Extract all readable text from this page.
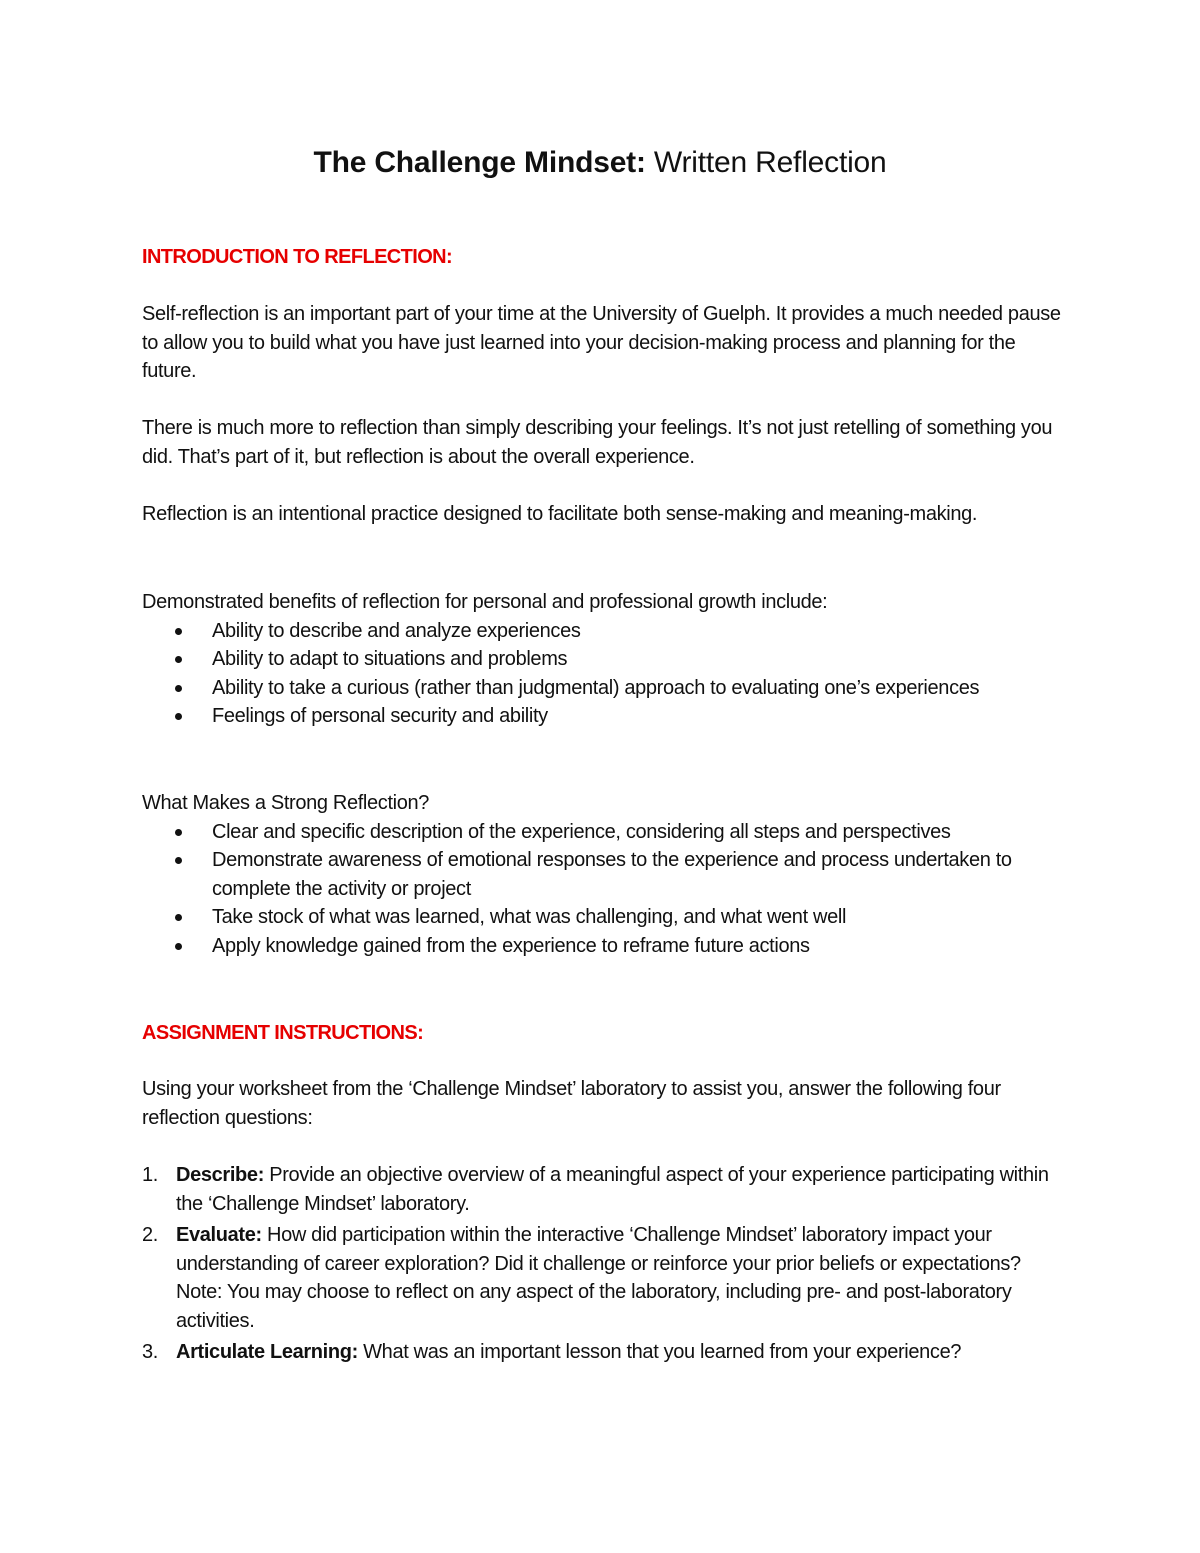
The Challenge Mindset: Written Reflection

INTRODUCTION TO REFLECTION:

Self-reflection is an important part of your time at the University of Guelph. It provides a much needed pause to allow you to build what you have just learned into your decision-making process and planning for the future.

There is much more to reflection than simply describing your feelings. It’s not just retelling of something you did. That’s part of it, but reflection is about the overall experience.

Reflection is an intentional practice designed to facilitate both sense-making and meaning-making.

Demonstrated benefits of reflection for personal and professional growth include:

Ability to describe and analyze experiences
Ability to adapt to situations and problems
Ability to take a curious (rather than judgmental) approach to evaluating one’s experiences
Feelings of personal security and ability

What Makes a Strong Reflection?

Clear and specific description of the experience, considering all steps and perspectives
Demonstrate awareness of emotional responses to the experience and process undertaken to complete the activity or project
Take stock of what was learned, what was challenging, and what went well
Apply knowledge gained from the experience to reframe future actions

ASSIGNMENT INSTRUCTIONS:

Using your worksheet from the ‘Challenge Mindset’ laboratory to assist you, answer the following four reflection questions:

1. Describe: Provide an objective overview of a meaningful aspect of your experience participating within the ‘Challenge Mindset’ laboratory.
2. Evaluate: How did participation within the interactive ‘Challenge Mindset’ laboratory impact your understanding of career exploration? Did it challenge or reinforce your prior beliefs or expectations? Note: You may choose to reflect on any aspect of the laboratory, including pre- and post-laboratory activities.
3. Articulate Learning: What was an important lesson that you learned from your experience?
